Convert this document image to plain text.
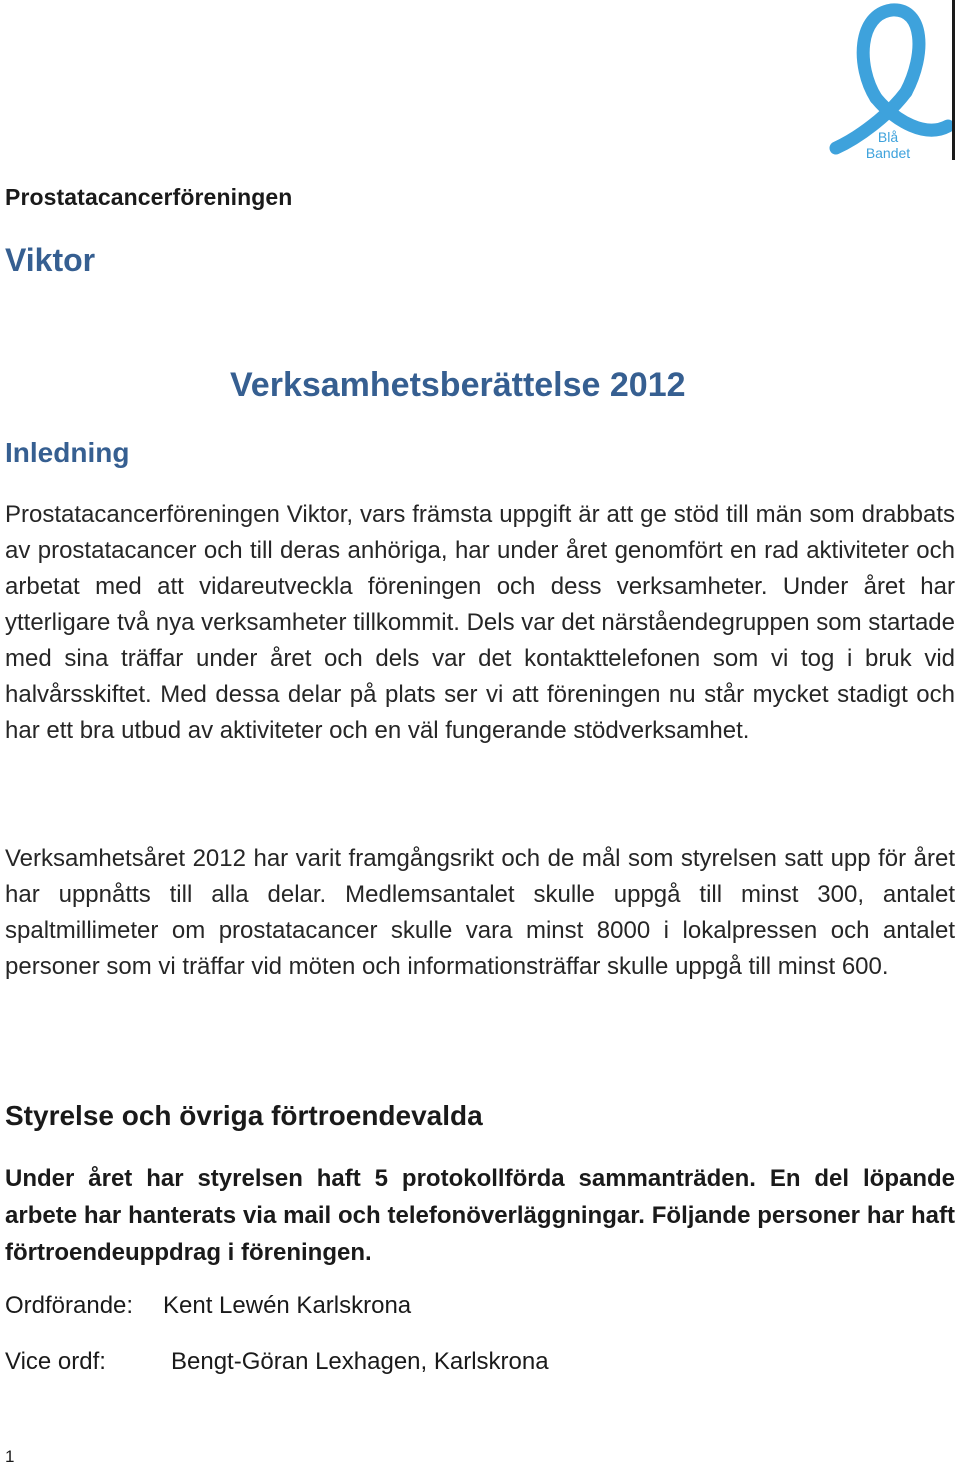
Blå
Bandet

Prostatacancerföreningen

Viktor
Verksamhetsberättelse 2012
Inledning

Prostatacancerföreningen Viktor, vars främsta uppgift är att ge stöd till män som drabbats av prostatacancer och till deras anhöriga, har under året genomfört en rad aktiviteter och arbetat med att vidareutveckla föreningen och dess verksamheter. Under året har ytterligare två nya verksamheter tillkommit. Dels var det närståendegruppen som startade med sina träffar under året och dels var det kontakttelefonen som vi tog i bruk vid halvårsskiftet. Med dessa delar på plats ser vi att föreningen nu står mycket stadigt och har ett bra utbud av aktiviteter och en väl fungerande stödverksamhet.

Verksamhetsåret 2012 har varit framgångsrikt och de mål som styrelsen satt upp för året har uppnåtts till alla delar. Medlemsantalet skulle uppgå till minst 300, antalet spaltmillimeter om prostatacancer skulle vara minst 8000 i lokalpressen och antalet personer som vi träffar vid möten och informationsträffar skulle uppgå till minst 600.

Styrelse och övriga förtroendevalda

Under året har styrelsen haft 5 protokollförda sammanträden. En del löpande arbete har hanterats via mail och telefonöverläggningar. Följande personer har haft förtroendeuppdrag i föreningen.

Ordförande: Kent Lewén Karlskrona

Vice ordf:	Bengt-Göran Lexhagen, Karlskrona

1
